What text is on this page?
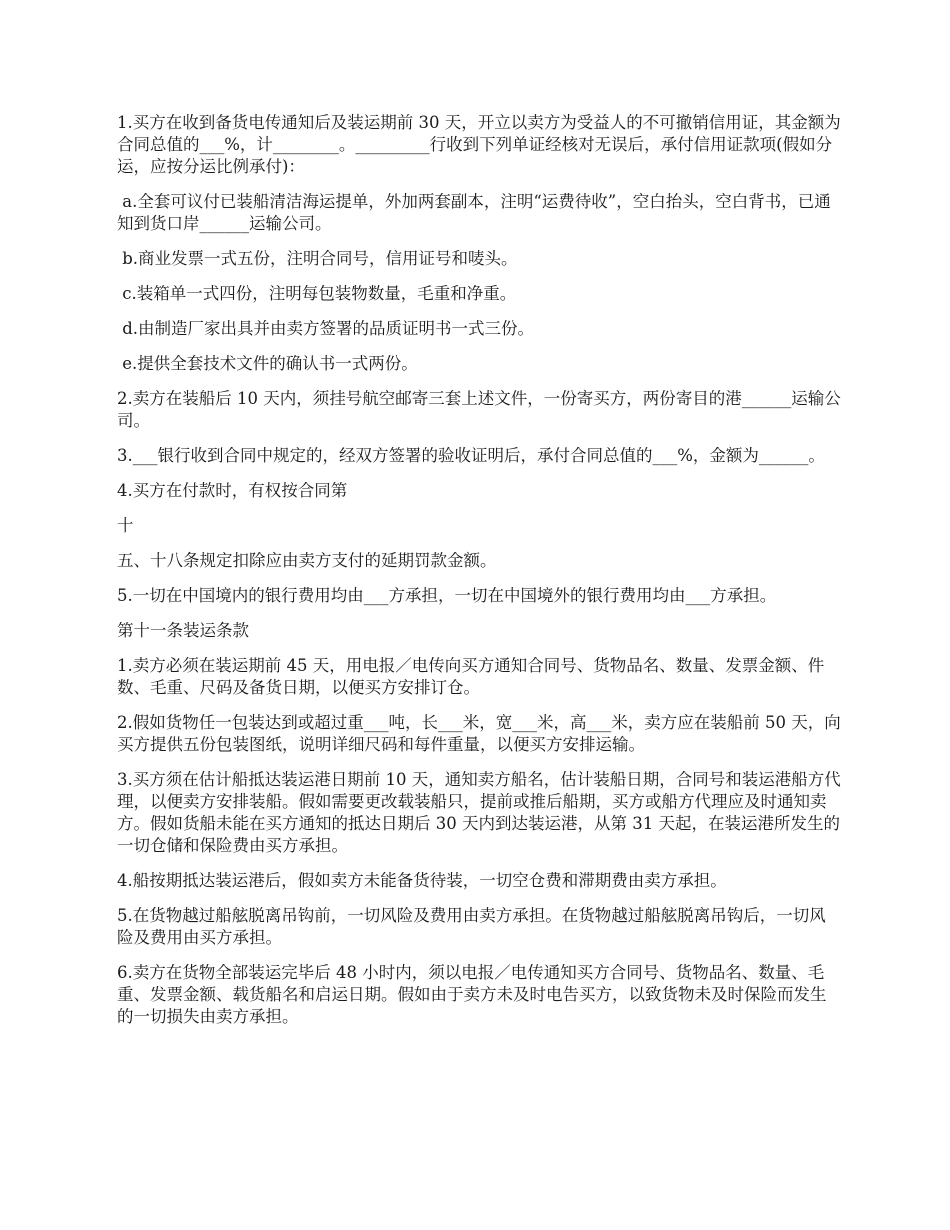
1.买方在收到备货电传通知后及装运期前 30 天，开立以卖方为受益人的不可撤销信用证，其金额为合同总值的___%，计________。_________行收到下列单证经核对无误后，承付信用证款项(假如分运，应按分运比例承付)：

a.全套可议付已装船清洁海运提单，外加两套副本，注明“运费待收”，空白抬头，空白背书，已通知到货口岸______运输公司。

b.商业发票一式五份，注明合同号，信用证号和唛头。

c.装箱单一式四份，注明每包装物数量，毛重和净重。

d.由制造厂家出具并由卖方签署的品质证明书一式三份。

e.提供全套技术文件的确认书一式两份。

2.卖方在装船后 10 天内，须挂号航空邮寄三套上述文件，一份寄买方，两份寄目的港______运输公司。

3.___银行收到合同中规定的，经双方签署的验收证明后，承付合同总值的___%，金额为______。

4.买方在付款时，有权按合同第

十

五、十八条规定扣除应由卖方支付的延期罚款金额。

5.一切在中国境内的银行费用均由___方承担，一切在中国境外的银行费用均由___方承担。

第十一条装运条款

1.卖方必须在装运期前 45 天，用电报／电传向买方通知合同号、货物品名、数量、发票金额、件数、毛重、尺码及备货日期，以便买方安排订仓。

2.假如货物任一包装达到或超过重___吨，长___米，宽___米，高___米，卖方应在装船前 50 天，向买方提供五份包装图纸，说明详细尺码和每件重量，以便买方安排运输。

3.买方须在估计船抵达装运港日期前 10 天，通知卖方船名，估计装船日期，合同号和装运港船方代理，以便卖方安排装船。假如需要更改载装船只，提前或推后船期，买方或船方代理应及时通知卖方。假如货船未能在买方通知的抵达日期后 30 天内到达装运港，从第 31 天起，在装运港所发生的一切仓储和保险费由买方承担。

4.船按期抵达装运港后，假如卖方未能备货待装，一切空仓费和滞期费由卖方承担。

5.在货物越过船舷脱离吊钩前，一切风险及费用由卖方承担。在货物越过船舷脱离吊钩后，一切风险及费用由买方承担。

6.卖方在货物全部装运完毕后 48 小时内，须以电报／电传通知买方合同号、货物品名、数量、毛重、发票金额、载货船名和启运日期。假如由于卖方未及时电告买方，以致货物未及时保险而发生的一切损失由卖方承担。
